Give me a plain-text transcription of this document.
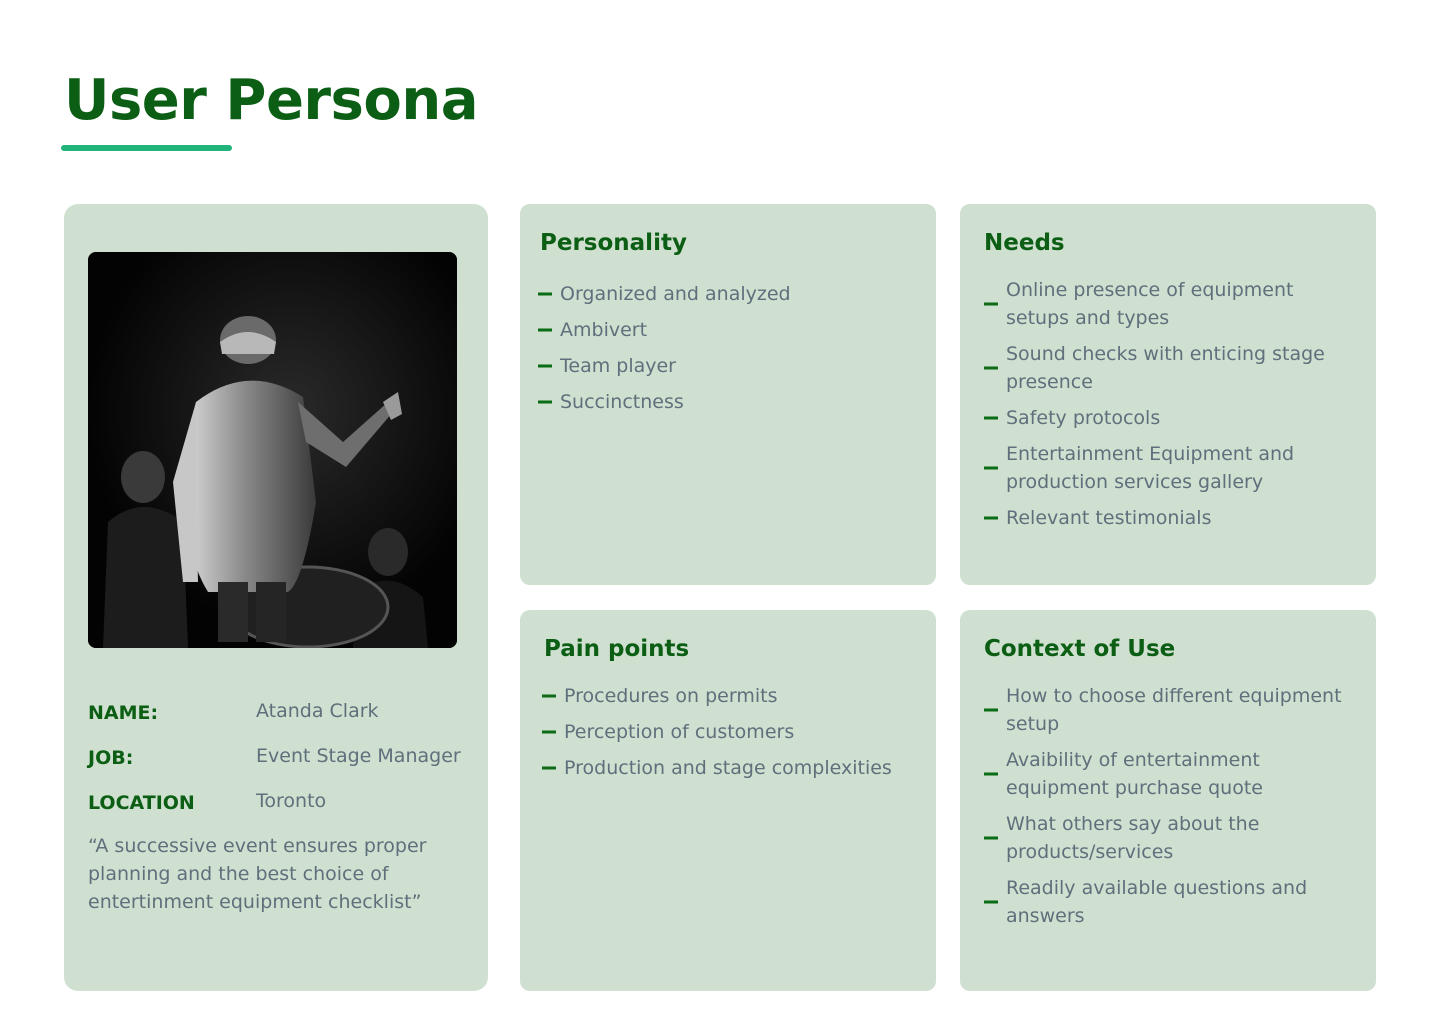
User Persona
NAME:	Atanda Clark
JOB:	Event Stage Manager
LOCATION	Toronto

“A successive event ensures proper planning and the best choice of entertinment equipment checklist”

Personality
Organized and analyzed
Ambivert
Team player
Succinctness
Needs
Online presence of equipment setups and types
Sound checks with enticing stage presence
Safety protocols
Entertainment Equipment and production services gallery
Relevant testimonials
Pain points
Procedures on permits
Perception of customers
Production and stage complexities
Context of Use
How to choose different equipment setup
Avaibility of entertainment equipment purchase quote
What others say about the products/services
Readily available questions and answers
